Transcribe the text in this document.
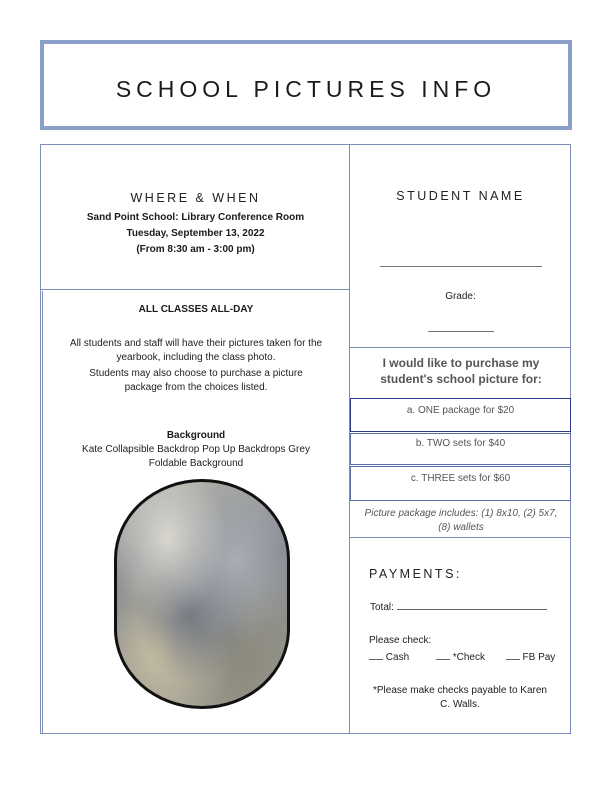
SCHOOL PICTURES INFO
WHERE & WHEN
Sand Point School: Library Conference Room
Tuesday, September 13, 2022
(From 8:30 am - 3:00 pm)
ALL CLASSES ALL-DAY
All students and staff will have their pictures taken for the yearbook, including the class photo.
Students may also choose to purchase a picture package from the choices listed.
Background
Kate Collapsible Backdrop Pop Up Backdrops Grey Foldable Background
STUDENT NAME
Grade:
I would like to purchase my student's school picture for:
a. ONE package for $20
b. TWO sets for $40
c. THREE sets for $60
Picture package includes: (1) 8x10, (2) 5x7, (8) wallets
PAYMENTS:
Total:
Please check:
Cash	*Check	FB Pay
*Please make checks payable to Karen C. Walls.
